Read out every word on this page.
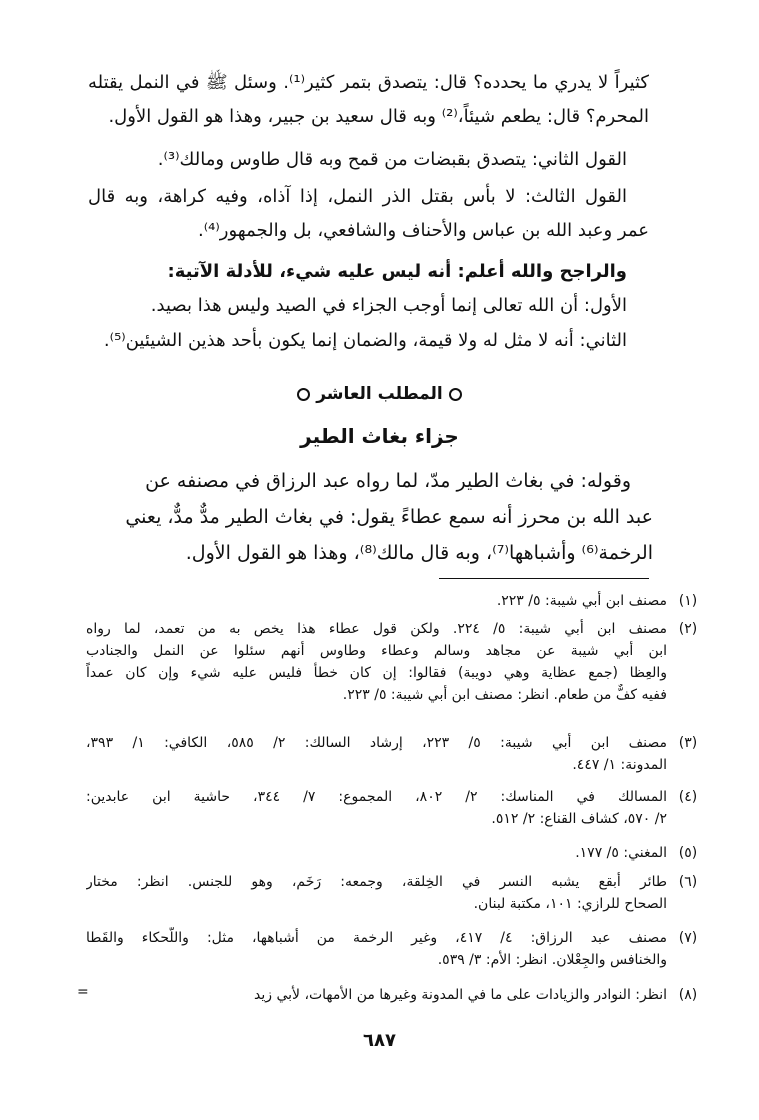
كثيراً لا يدري ما يحدده؟ قال: يتصدق بتمر كثير⁽¹⁾. وسئل ﷺ في النمل يقتله
المحرم؟ قال: يطعم شيئاً،⁽²⁾ وبه قال سعيد بن جبير، وهذا هو القول الأول.
القول الثاني: يتصدق بقبضات من قمح وبه قال طاوس ومالك⁽³⁾.
القول الثالث: لا بأس بقتل الذر النمل، إذا آذاه، وفيه كراهة، وبه قال
عمر وعبد الله بن عباس والأحناف والشافعي، بل والجمهور⁽⁴⁾.
والراجح والله أعلم: أنه ليس عليه شيء، للأدلة الآتية:
الأول: أن الله تعالى إنما أوجب الجزاء في الصيد وليس هذا بصيد.
الثاني: أنه لا مثل له ولا قيمة، والضمان إنما يكون بأحد هذين الشيئين⁽⁵⁾.
المطلب العاشر
جزاء بغاث الطير
وقوله: في بغاث الطير مدّ، لما رواه عبد الرزاق في مصنفه عن
عبد الله بن محرز أنه سمع عطاءً يقول: في بغاث الطير مدٌّ مدٌّ، يعني
الرخمة⁽⁶⁾ وأشباهها⁽⁷⁾، وبه قال مالك⁽⁸⁾، وهذا هو القول الأول.
(١)
مصنف ابن أبي شيبة: ٥/ ٢٢٣.
(٢)
مصنف ابن أبي شيبة: ٥/ ٢٢٤. ولكن قول عطاء هذا يخص به من تعمد، لما رواه
ابن أبي شيبة عن مجاهد وسالم وعطاء وطاوس أنهم سئلوا عن النمل والجنادب
والعِظا (جمع عظاية وهي دويبة) فقالوا: إن كان خطأ فليس عليه شيء وإن كان عمداً
ففيه كفٌّ من طعام. انظر: مصنف ابن أبي شيبة: ٥/ ٢٢٣.
(٣)
مصنف ابن أبي شيبة: ٥/ ٢٢٣، إرشاد السالك: ٢/ ٥٨٥، الكافي: ١/ ٣٩٣،
المدونة: ١/ ٤٤٧.
(٤)
المسالك في المناسك: ٢/ ٨٠٢، المجموع: ٧/ ٣٤٤، حاشية ابن عابدين:
٢/ ٥٧٠، كشاف القناع: ٢/ ٥١٢.
(٥)
المغني: ٥/ ١٧٧.
(٦)
طائر أبقع يشبه النسر في الخِلقة، وجمعه: رَخَم، وهو للجنس. انظر: مختار
الصحاح للرازي: ١٠١، مكتبة لبنان.
(٧)
مصنف عبد الرزاق: ٤/ ٤١٧، وغير الرخمة من أشباهها، مثل: واللُّحكاء والقَطا
والخنافس والجِعْلان. انظر: الأم: ٣/ ٥٣٩.
(٨)
انظر: النوادر والزيادات على ما في المدونة وغيرها من الأمهات، لأبي زيد
=
٦٨٧
